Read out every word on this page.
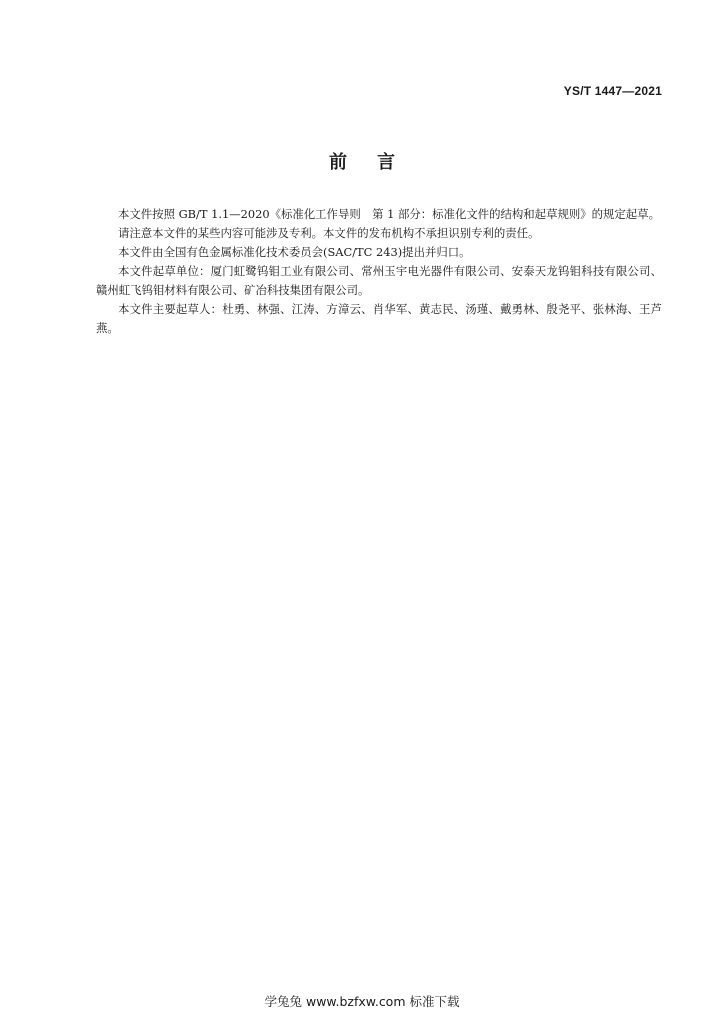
YS/T 1447—2021
前言

本文件按照 GB/T 1.1—2020《标准化工作导则　第 1 部分：标准化文件的结构和起草规则》的规定起草。

请注意本文件的某些内容可能涉及专利。本文件的发布机构不承担识别专利的责任。

本文件由全国有色金属标准化技术委员会(SAC/TC 243)提出并归口。

本文件起草单位：厦门虹鹭钨钼工业有限公司、常州玉宇电光器件有限公司、安泰天龙钨钼科技有限公司、赣州虹飞钨钼材料有限公司、矿冶科技集团有限公司。

本文件主要起草人：杜勇、林强、江涛、方漳云、肖华军、黄志民、汤瑾、戴勇林、殷尧平、张林海、王芦燕。

学兔兔 www.bzfxw.com 标准下载
